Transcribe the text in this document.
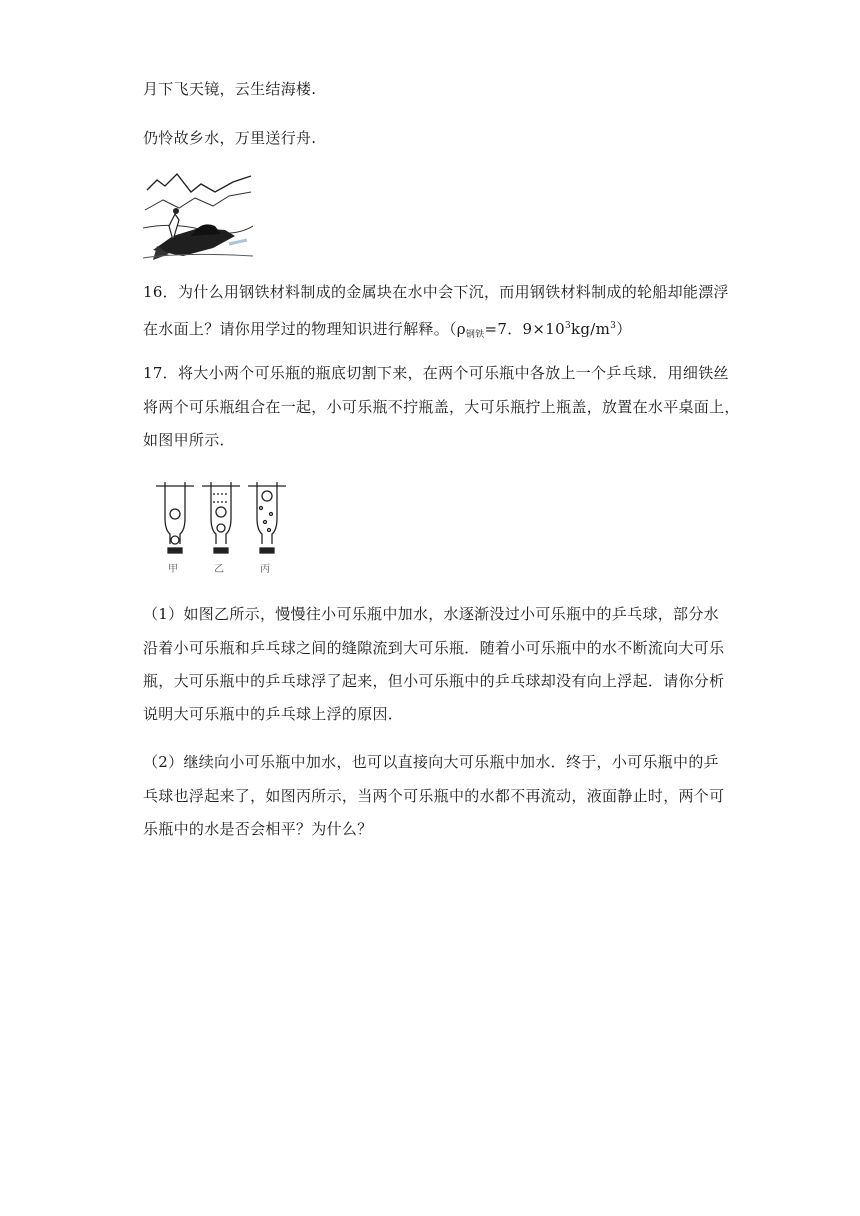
月下飞天镜，云生结海楼.
仍怜故乡水，万里送行舟.
16．为什么用钢铁材料制成的金属块在水中会下沉，而用钢铁材料制成的轮船却能漂浮
在水面上？请你用学过的物理知识进行解释。（$\rho_{钢铁}=7$．$9\times 10^3kg/m^3$）
17．将大小两个可乐瓶的瓶底切割下来，在两个可乐瓶中各放上一个乒乓球．用细铁丝
将两个可乐瓶组合在一起，小可乐瓶不拧瓶盖，大可乐瓶拧上瓶盖，放置在水平桌面上，
如图甲所示．
甲	乙	丙
（1）如图乙所示，慢慢往小可乐瓶中加水，水逐渐没过小可乐瓶中的乒乓球，部分水
沿着小可乐瓶和乒乓球之间的缝隙流到大可乐瓶．随着小可乐瓶中的水不断流向大可乐
瓶，大可乐瓶中的乒乓球浮了起来，但小可乐瓶中的乒乓球却没有向上浮起．请你分析
说明大可乐瓶中的乒乓球上浮的原因．
（2）继续向小可乐瓶中加水，也可以直接向大可乐瓶中加水．终于，小可乐瓶中的乒
乓球也浮起来了，如图丙所示，当两个可乐瓶中的水都不再流动，液面静止时，两个可
乐瓶中的水是否会相平？为什么？
